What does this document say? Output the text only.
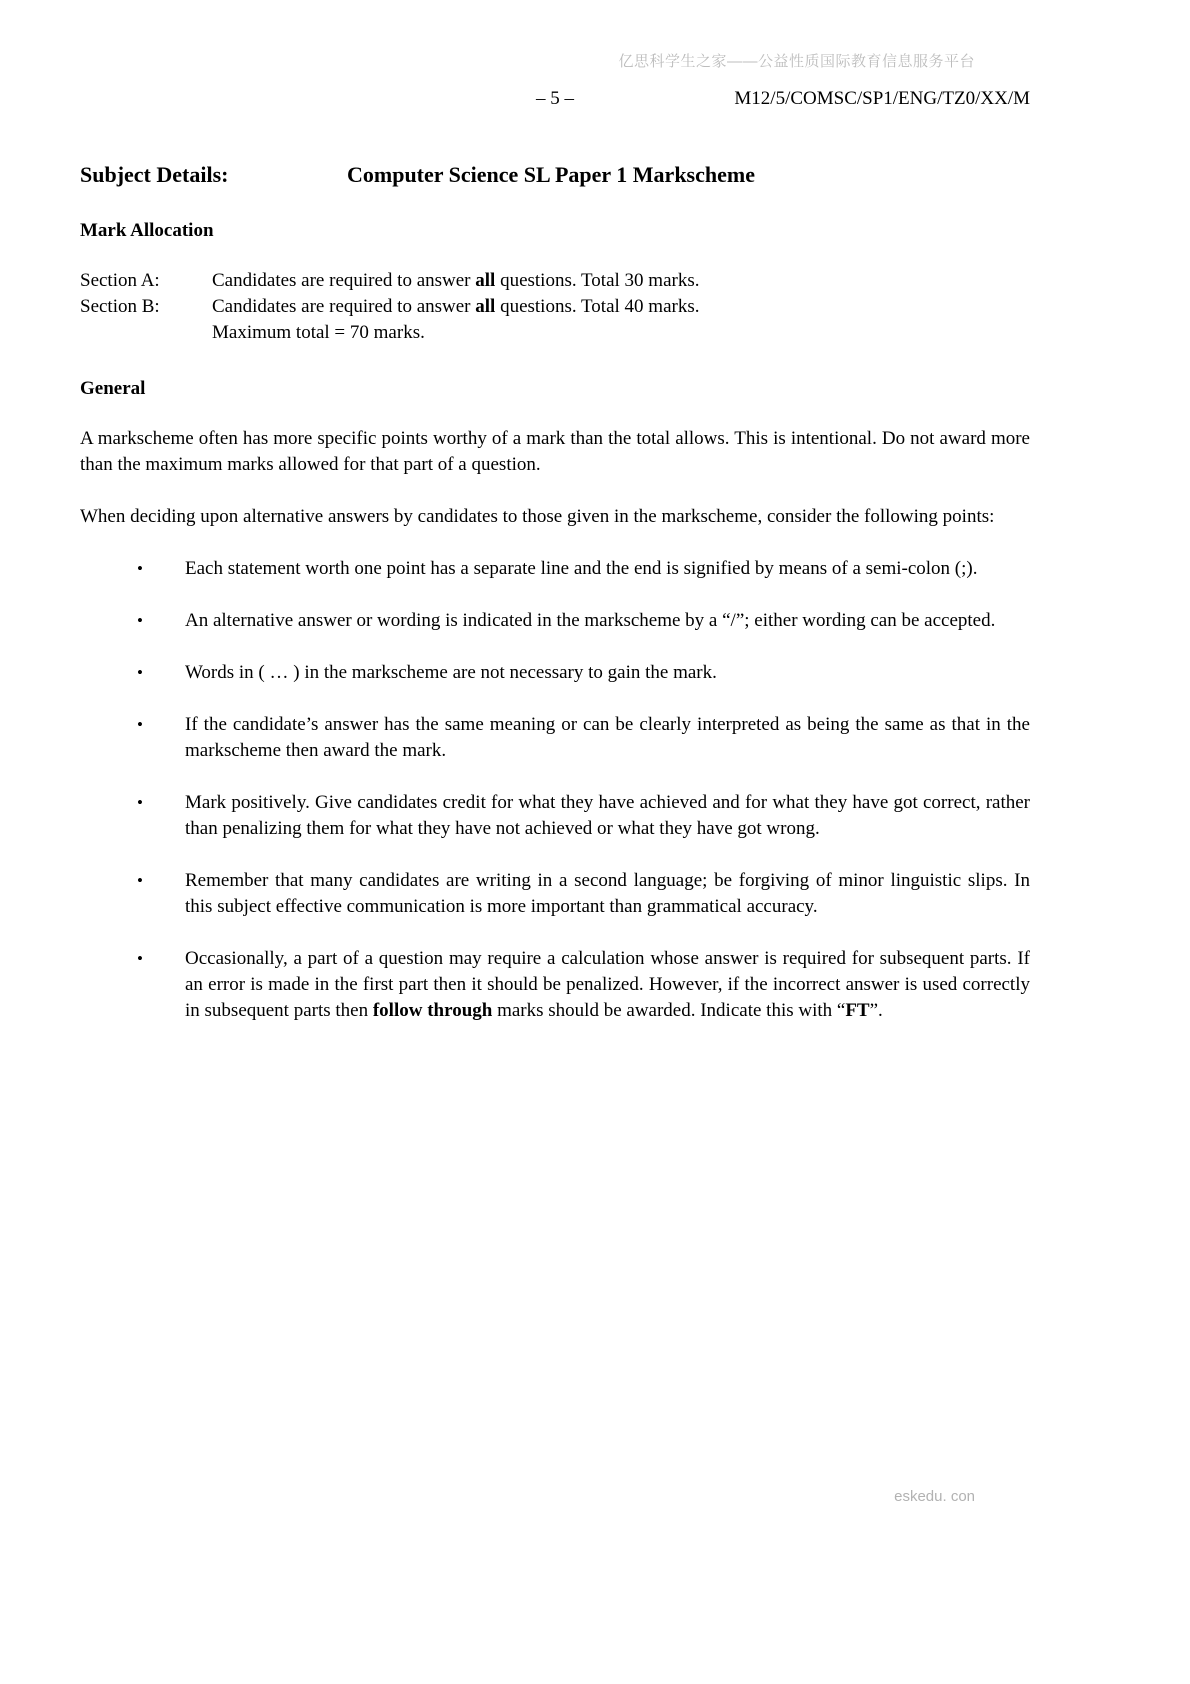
亿思科学生之家——公益性质国际教育信息服务平台
– 5 –	M12/5/COMSC/SP1/ENG/TZ0/XX/M
Subject Details:	Computer Science SL Paper 1 Markscheme
Mark Allocation
Section A:	Candidates are required to answer all questions. Total 30 marks.
Section B:	Candidates are required to answer all questions. Total 40 marks.
Maximum total = 70 marks.
General

A markscheme often has more specific points worthy of a mark than the total allows. This is intentional. Do not award more than the maximum marks allowed for that part of a question.

When deciding upon alternative answers by candidates to those given in the markscheme, consider the following points:

•	Each statement worth one point has a separate line and the end is signified by means of a semi-colon (;).
•	An alternative answer or wording is indicated in the markscheme by a “/”; either wording can be accepted.
•	Words in ( … ) in the markscheme are not necessary to gain the mark.
•	If the candidate’s answer has the same meaning or can be clearly interpreted as being the same as that in the markscheme then award the mark.
•	Mark positively. Give candidates credit for what they have achieved and for what they have got correct, rather than penalizing them for what they have not achieved or what they have got wrong.
•	Remember that many candidates are writing in a second language; be forgiving of minor linguistic slips. In this subject effective communication is more important than grammatical accuracy.
•	Occasionally, a part of a question may require a calculation whose answer is required for subsequent parts. If an error is made in the first part then it should be penalized. However, if the incorrect answer is used correctly in subsequent parts then follow through marks should be awarded. Indicate this with “FT”.
eskedu. con
